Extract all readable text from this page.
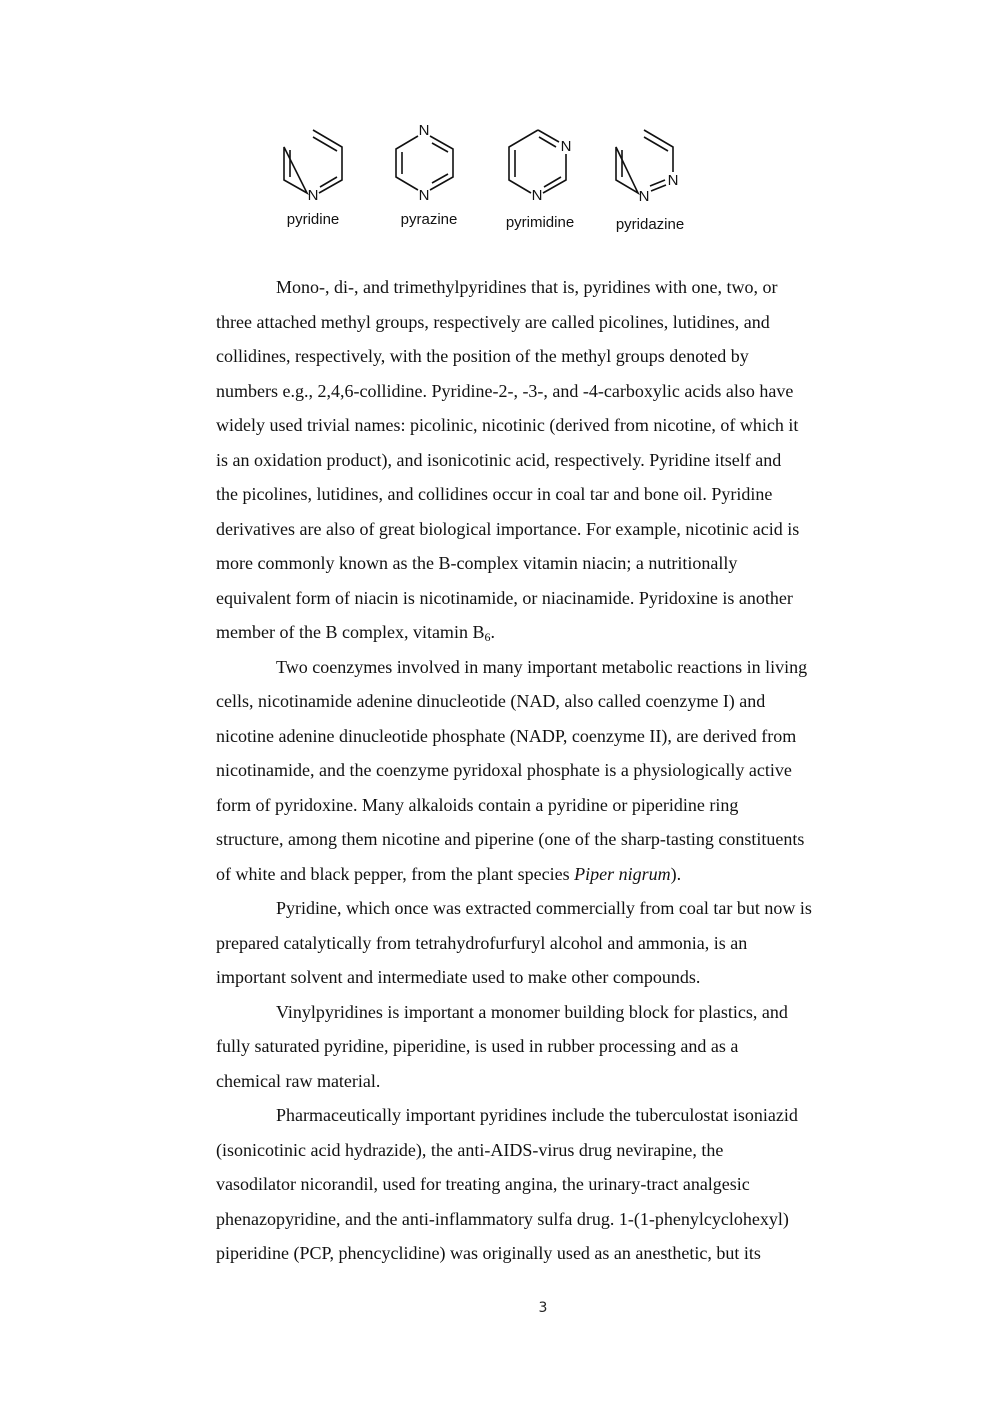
N
pyridine
N
N
pyrazine
N
N
pyrimidine
N
N
pyridazine
Mono-, di-, and trimethylpyridines that is, pyridines with one, two, or
three attached methyl groups, respectively are called picolines, lutidines, and
collidines, respectively, with the position of the methyl groups denoted by
numbers e.g., 2,4,6-collidine. Pyridine-2-, -3-, and -4-carboxylic acids also have
widely used trivial names: picolinic, nicotinic (derived from nicotine, of which it
is an oxidation product), and isonicotinic acid, respectively. Pyridine itself and
the picolines, lutidines, and collidines occur in coal tar and bone oil. Pyridine
derivatives are also of great biological importance. For example, nicotinic acid is
more commonly known as the B-complex vitamin niacin; a nutritionally
equivalent form of niacin is nicotinamide, or niacinamide. Pyridoxine is another
member of the B complex, vitamin $B_6$.
Two coenzymes involved in many important metabolic reactions in living
cells, nicotinamide adenine dinucleotide (NAD, also called coenzyme I) and
nicotine adenine dinucleotide phosphate (NADP, coenzyme II), are derived from
nicotinamide, and the coenzyme pyridoxal phosphate is a physiologically active
form of pyridoxine. Many alkaloids contain a pyridine or piperidine ring
structure, among them nicotine and piperine (one of the sharp-tasting constituents
of white and black pepper, from the plant species Piper nigrum).
Pyridine, which once was extracted commercially from coal tar but now is
prepared catalytically from tetrahydrofurfuryl alcohol and ammonia, is an
important solvent and intermediate used to make other compounds.
Vinylpyridines is important a monomer building block for plastics, and
fully saturated pyridine, piperidine, is used in rubber processing and as a
chemical raw material.
Pharmaceutically important pyridines include the tuberculostat isoniazid
(isonicotinic acid hydrazide), the anti-AIDS-virus drug nevirapine, the
vasodilator nicorandil, used for treating angina, the urinary-tract analgesic
phenazopyridine, and the anti-inflammatory sulfa drug. 1-(1-phenylcyclohexyl)
piperidine (PCP, phencyclidine) was originally used as an anesthetic, but its
3
